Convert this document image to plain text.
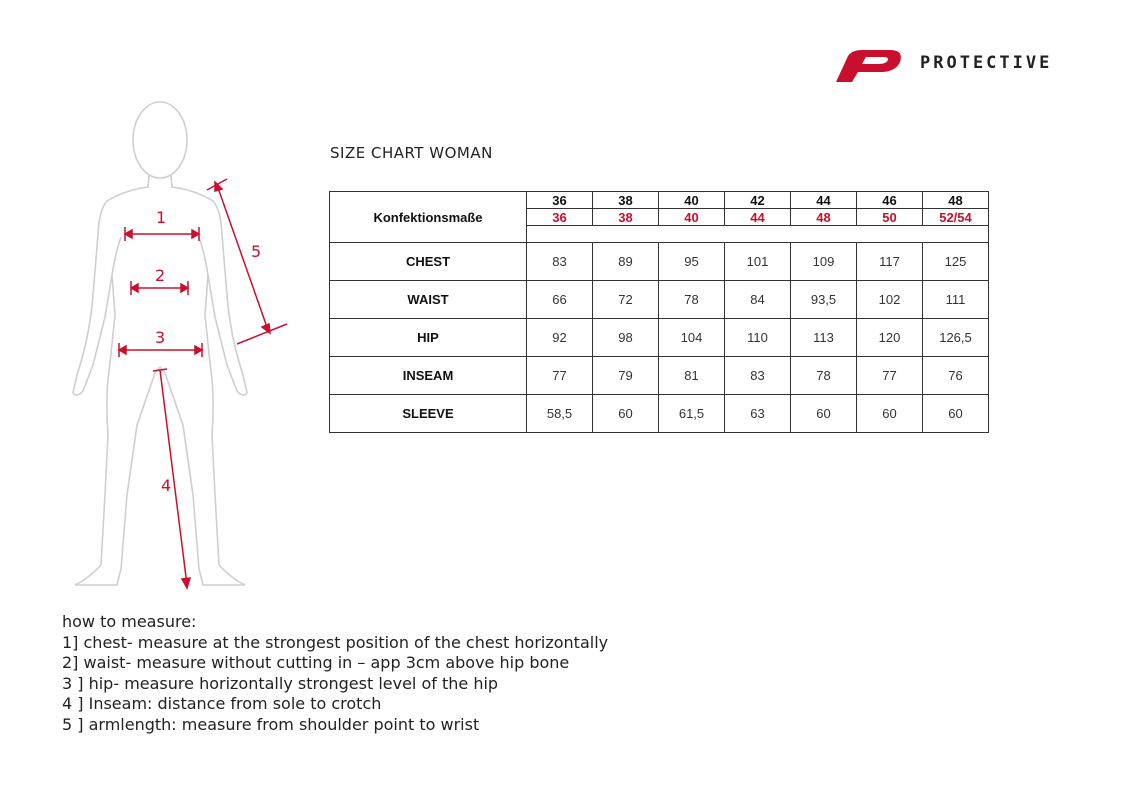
PROTECTIVE
1
2
3
4
5
SIZE CHART WOMAN
Konfektionsmaße	36	38	40	42	44	46	48
	36	38	40	44	48	50	52/54

CHEST	83	89	95	101	109	117	125
WAIST	66	72	78	84	93,5	102	111
HIP	92	98	104	110	113	120	126,5
INSEAM	77	79	81	83	78	77	76
SLEEVE	58,5	60	61,5	63	60	60	60
how to measure:
1] chest- measure at the strongest position of the chest horizontally
2] waist- measure without cutting in – app 3cm above hip bone
3 ] hip- measure horizontally strongest level of the hip
4 ] Inseam: distance from sole to crotch
5 ] armlength: measure from shoulder point to wrist
